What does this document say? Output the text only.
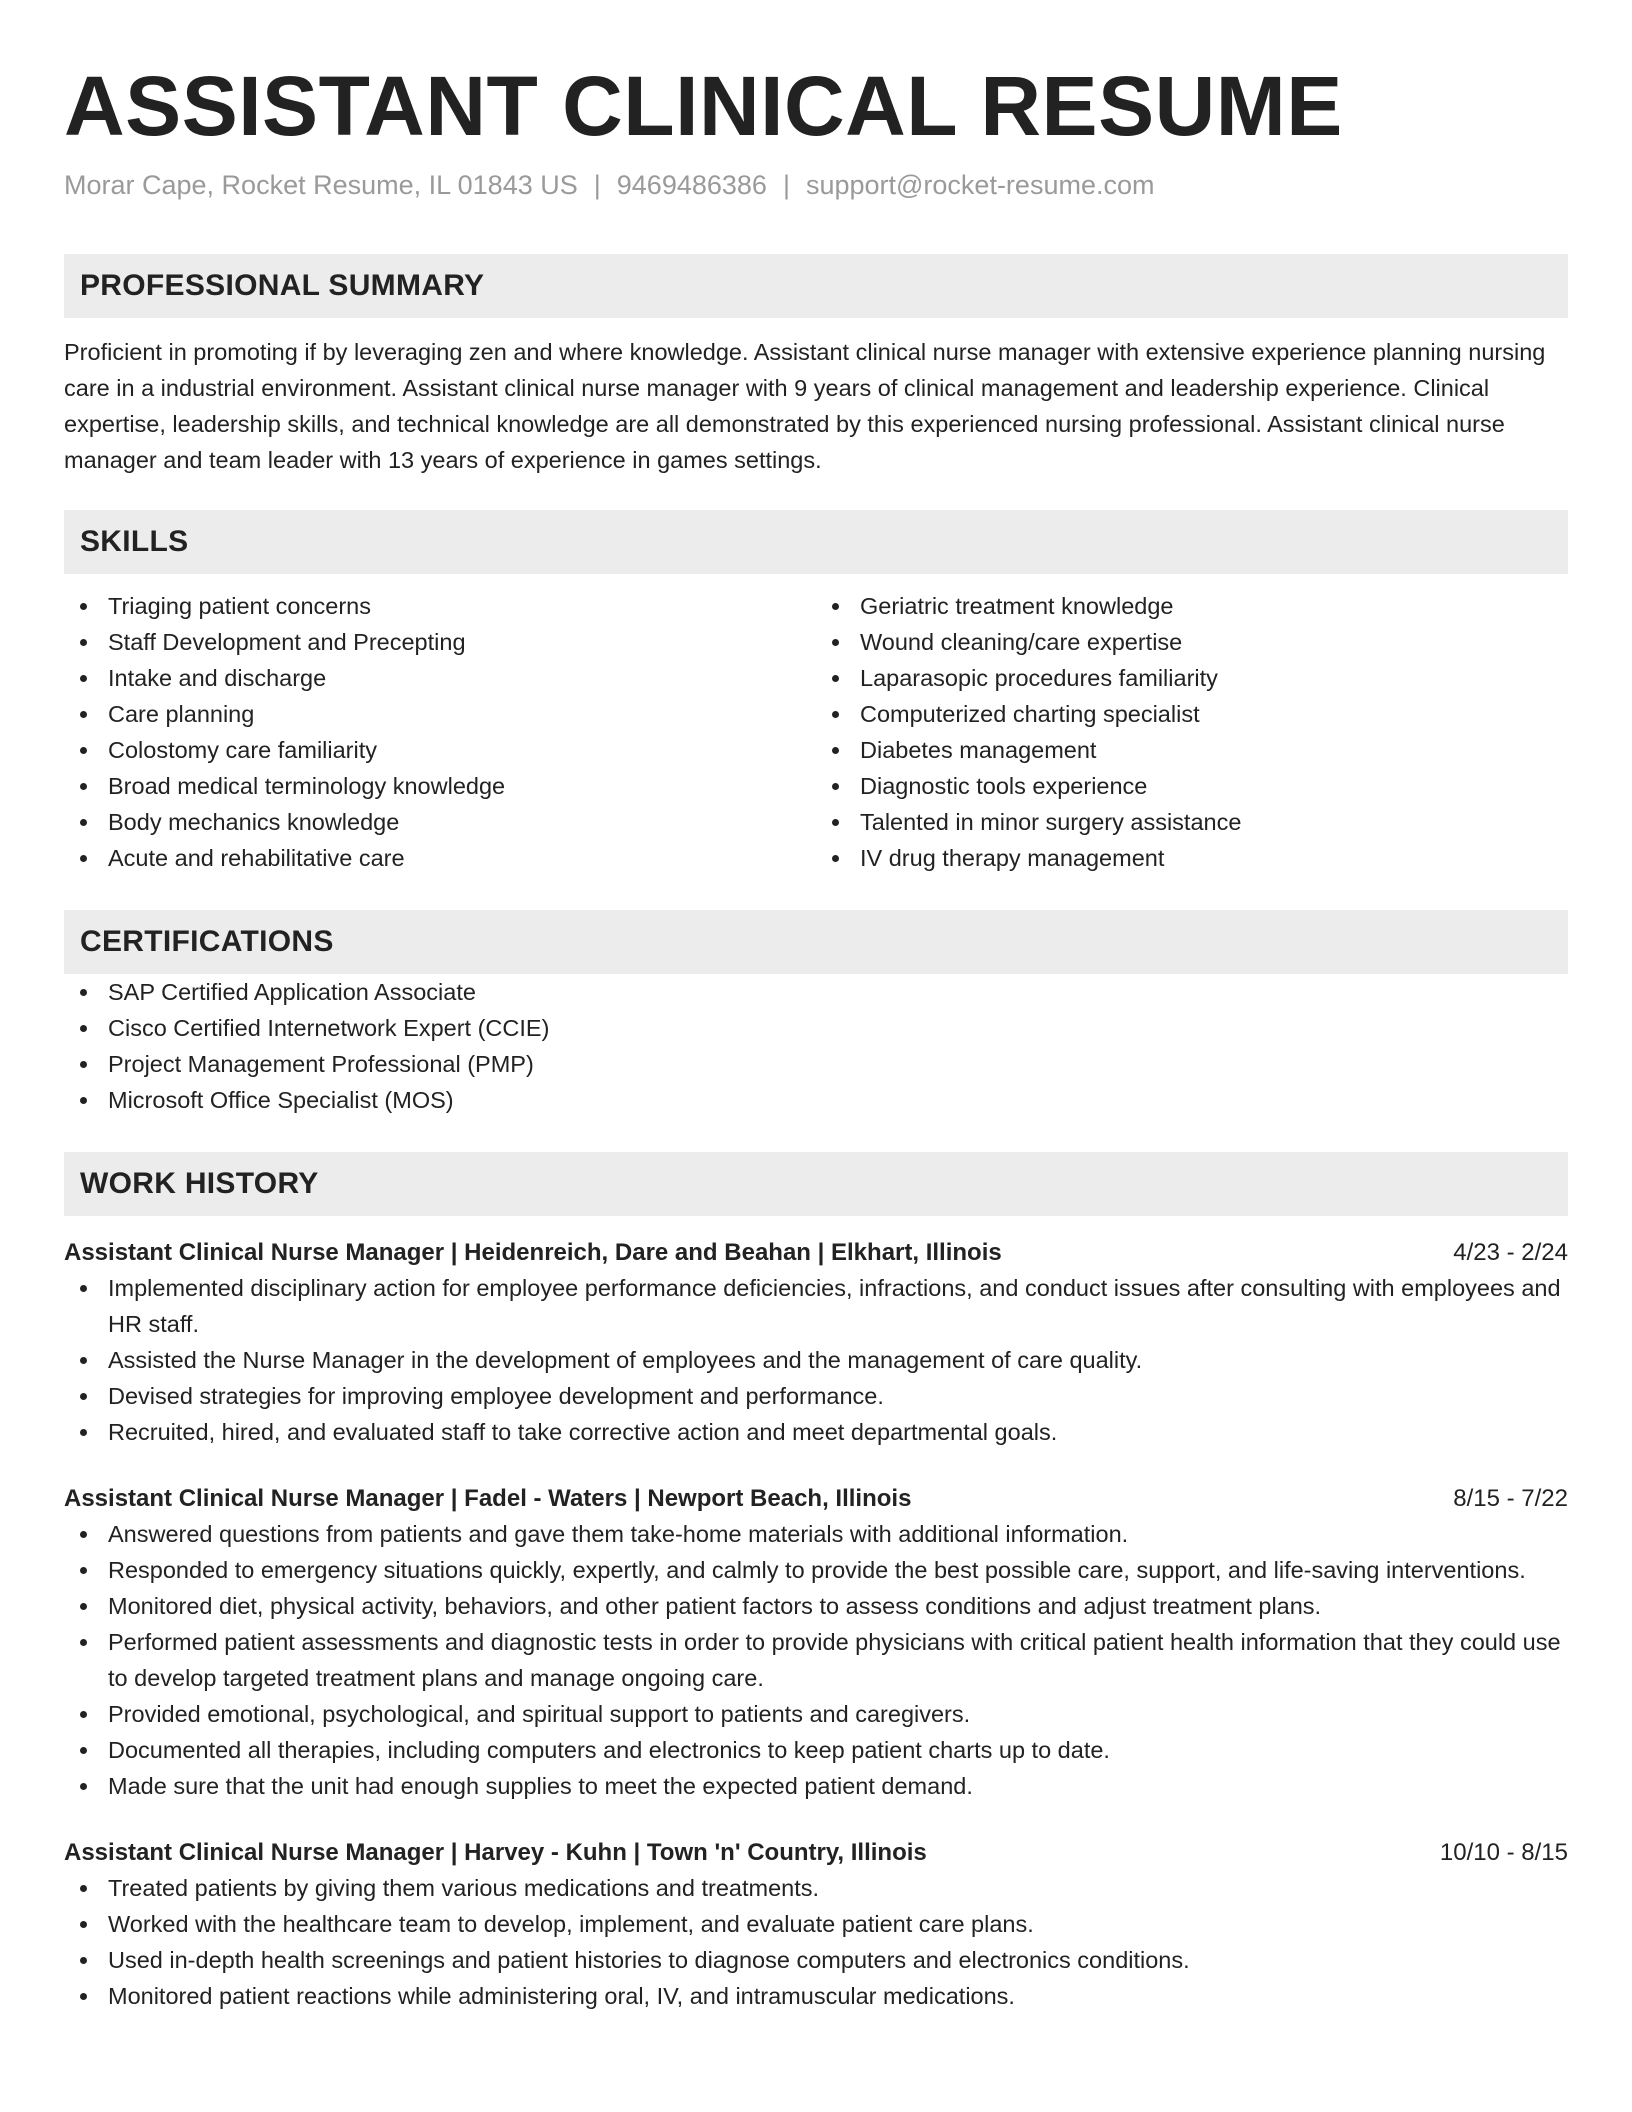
ASSISTANT CLINICAL RESUME
Morar Cape, Rocket Resume, IL 01843 US | 9469486386 | support@rocket-resume.com
PROFESSIONAL SUMMARY
Proficient in promoting if by leveraging zen and where knowledge. Assistant clinical nurse manager with extensive experience planning nursing care in a industrial environment. Assistant clinical nurse manager with 9 years of clinical management and leadership experience. Clinical expertise, leadership skills, and technical knowledge are all demonstrated by this experienced nursing professional. Assistant clinical nurse manager and team leader with 13 years of experience in games settings.
SKILLS
Triaging patient concerns
Staff Development and Precepting
Intake and discharge
Care planning
Colostomy care familiarity
Broad medical terminology knowledge
Body mechanics knowledge
Acute and rehabilitative care
Geriatric treatment knowledge
Wound cleaning/care expertise
Laparasopic procedures familiarity
Computerized charting specialist
Diabetes management
Diagnostic tools experience
Talented in minor surgery assistance
IV drug therapy management
CERTIFICATIONS
SAP Certified Application Associate
Cisco Certified Internetwork Expert (CCIE)
Project Management Professional (PMP)
Microsoft Office Specialist (MOS)
WORK HISTORY
Assistant Clinical Nurse Manager | Heidenreich, Dare and Beahan | Elkhart, Illinois	4/23 - 2/24
Implemented disciplinary action for employee performance deficiencies, infractions, and conduct issues after consulting with employees and HR staff.
Assisted the Nurse Manager in the development of employees and the management of care quality.
Devised strategies for improving employee development and performance.
Recruited, hired, and evaluated staff to take corrective action and meet departmental goals.
Assistant Clinical Nurse Manager | Fadel - Waters | Newport Beach, Illinois	8/15 - 7/22
Answered questions from patients and gave them take-home materials with additional information.
Responded to emergency situations quickly, expertly, and calmly to provide the best possible care, support, and life-saving interventions.
Monitored diet, physical activity, behaviors, and other patient factors to assess conditions and adjust treatment plans.
Performed patient assessments and diagnostic tests in order to provide physicians with critical patient health information that they could use to develop targeted treatment plans and manage ongoing care.
Provided emotional, psychological, and spiritual support to patients and caregivers.
Documented all therapies, including computers and electronics to keep patient charts up to date.
Made sure that the unit had enough supplies to meet the expected patient demand.
Assistant Clinical Nurse Manager | Harvey - Kuhn | Town 'n' Country, Illinois	10/10 - 8/15
Treated patients by giving them various medications and treatments.
Worked with the healthcare team to develop, implement, and evaluate patient care plans.
Used in-depth health screenings and patient histories to diagnose computers and electronics conditions.
Monitored patient reactions while administering oral, IV, and intramuscular medications.
